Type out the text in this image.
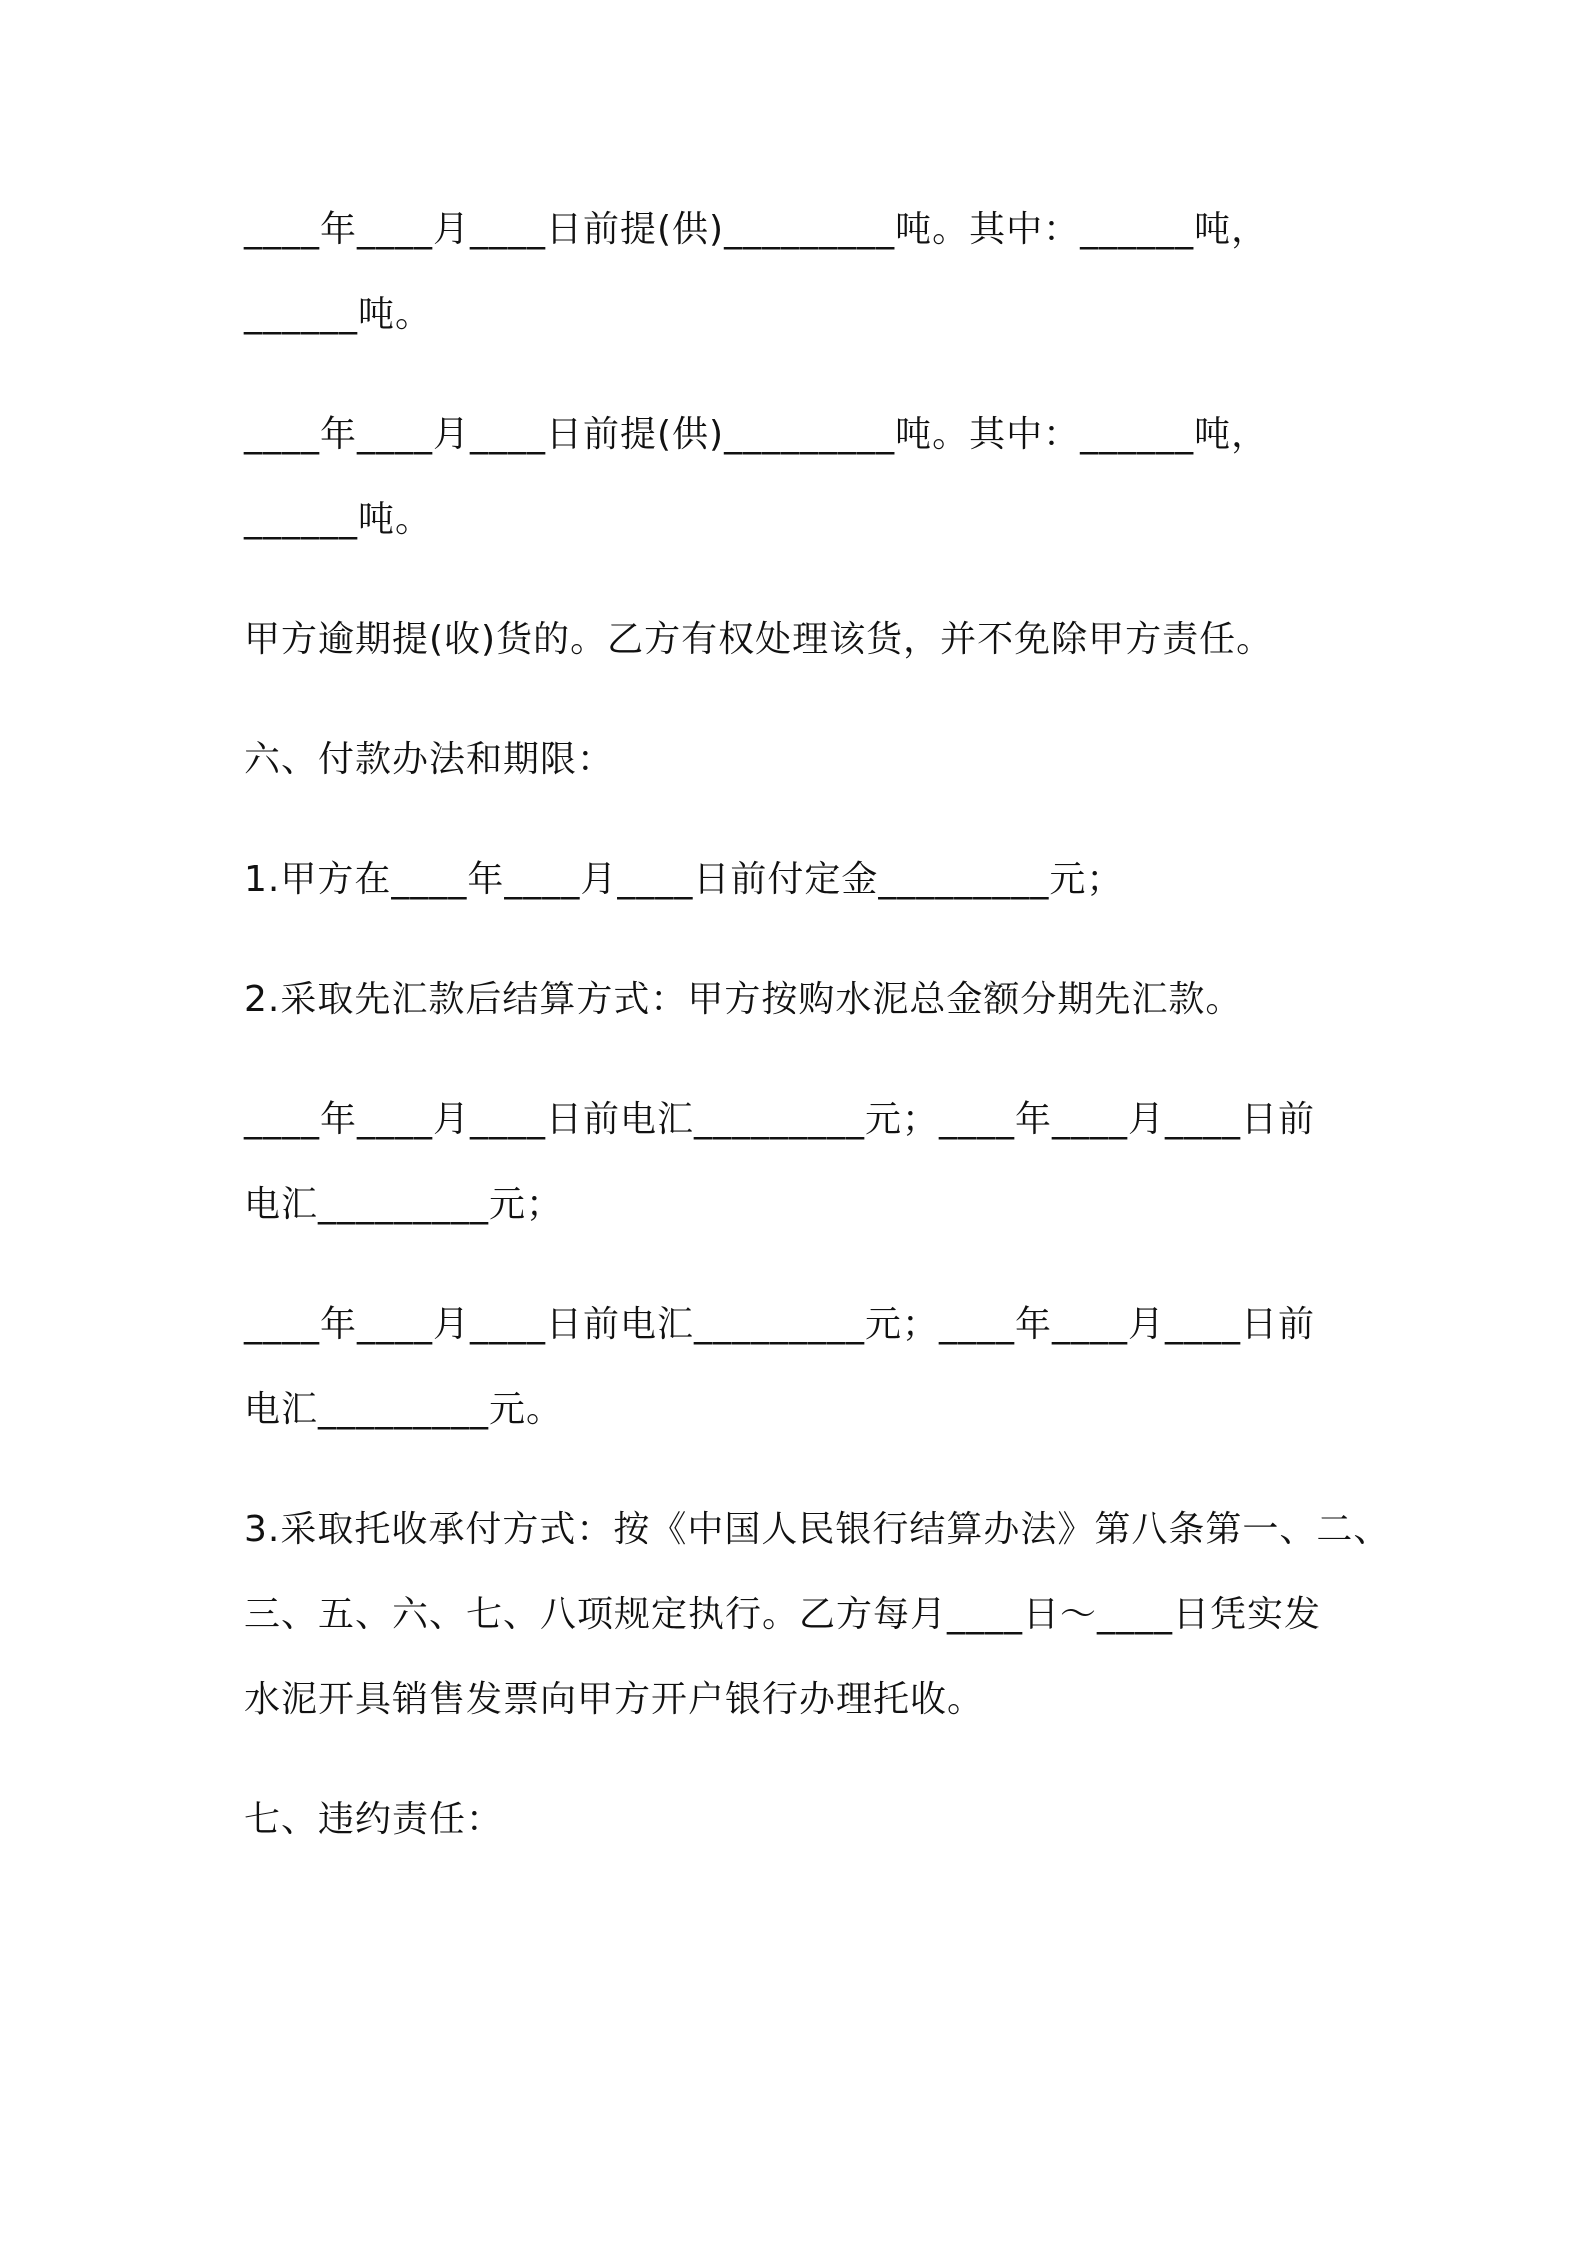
____年____月____日前提(供)_________吨。其中：______吨，
______吨。
____年____月____日前提(供)_________吨。其中：______吨，
______吨。
甲方逾期提(收)货的。乙方有权处理该货，并不免除甲方责任。
六、付款办法和期限：
1.甲方在____年____月____日前付定金_________元；
2.采取先汇款后结算方式：甲方按购水泥总金额分期先汇款。
____年____月____日前电汇_________元；____年____月____日前
电汇_________元；
____年____月____日前电汇_________元；____年____月____日前
电汇_________元。
3.采取托收承付方式：按《中国人民银行结算办法》第八条第一、二、
三、五、六、七、八项规定执行。乙方每月____日～____日凭实发
水泥开具销售发票向甲方开户银行办理托收。
七、违约责任：
